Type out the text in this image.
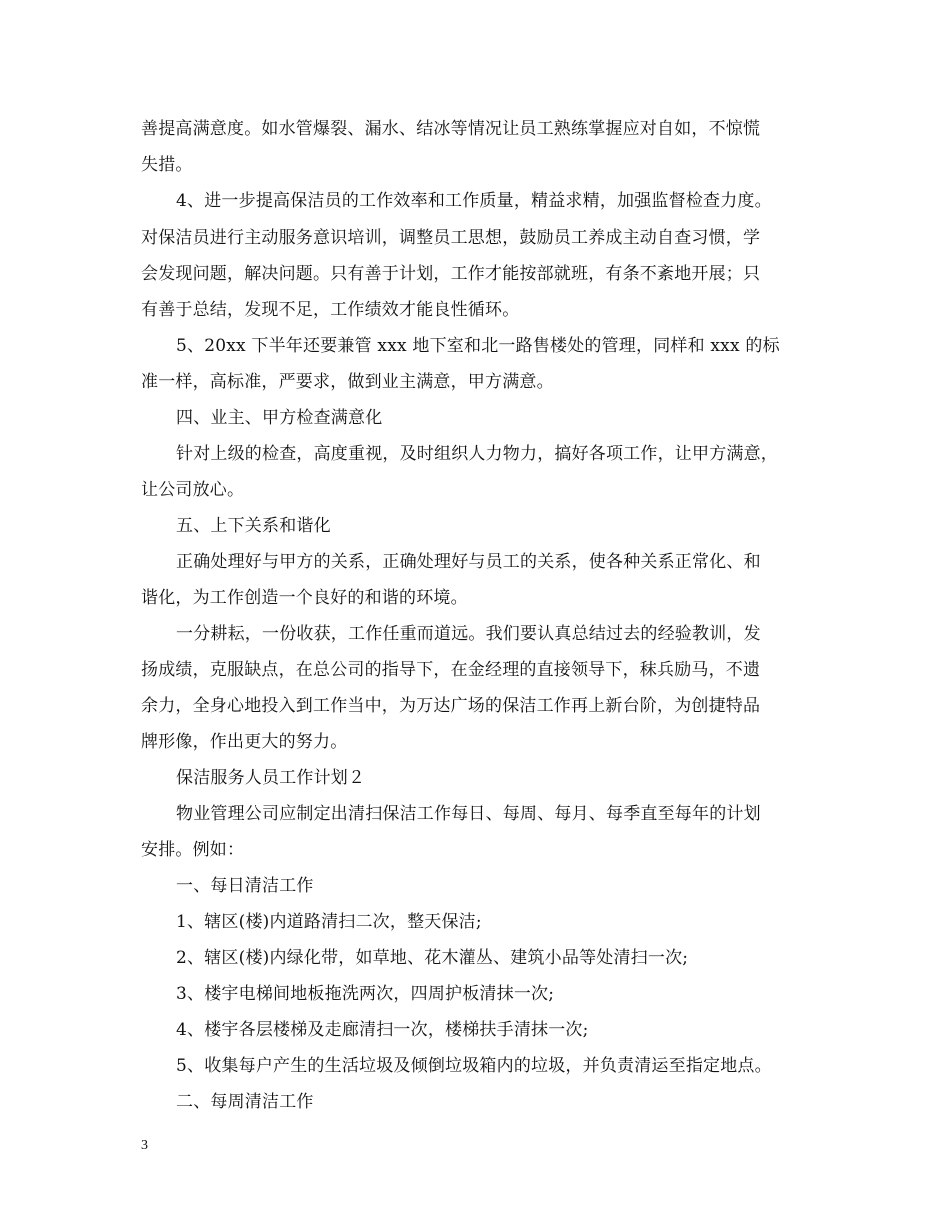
善提高满意度。如水管爆裂、漏水、结冰等情况让员工熟练掌握应对自如，不惊慌
失措。
4、进一步提高保洁员的工作效率和工作质量，精益求精，加强监督检查力度。
对保洁员进行主动服务意识培训，调整员工思想，鼓励员工养成主动自查习惯，学
会发现问题，解决问题。只有善于计划，工作才能按部就班，有条不紊地开展；只
有善于总结，发现不足，工作绩效才能良性循环。
5、20xx 下半年还要兼管 xxx 地下室和北一路售楼处的管理，同样和 xxx 的标
准一样，高标准，严要求，做到业主满意，甲方满意。
四、业主、甲方检查满意化
针对上级的检查，高度重视，及时组织人力物力，搞好各项工作，让甲方满意，
让公司放心。
五、上下关系和谐化
正确处理好与甲方的关系，正确处理好与员工的关系，使各种关系正常化、和
谐化，为工作创造一个良好的和谐的环境。
一分耕耘，一份收获，工作任重而道远。我们要认真总结过去的经验教训，发
扬成绩，克服缺点，在总公司的指导下，在金经理的直接领导下，秣兵励马，不遗
余力，全身心地投入到工作当中，为万达广场的保洁工作再上新台阶，为创捷特品
牌形像，作出更大的努力。
保洁服务人员工作计划２
物业管理公司应制定出清扫保洁工作每日、每周、每月、每季直至每年的计划
安排。例如：
一、每日清洁工作
1、辖区(楼)内道路清扫二次，整天保洁;
2、辖区(楼)内绿化带，如草地、花木灌丛、建筑小品等处清扫一次;
3、楼宇电梯间地板拖洗两次，四周护板清抹一次;
4、楼宇各层楼梯及走廊清扫一次，楼梯扶手清抹一次;
5、收集每户产生的生活垃圾及倾倒垃圾箱内的垃圾，并负责清运至指定地点。
二、每周清洁工作
3
